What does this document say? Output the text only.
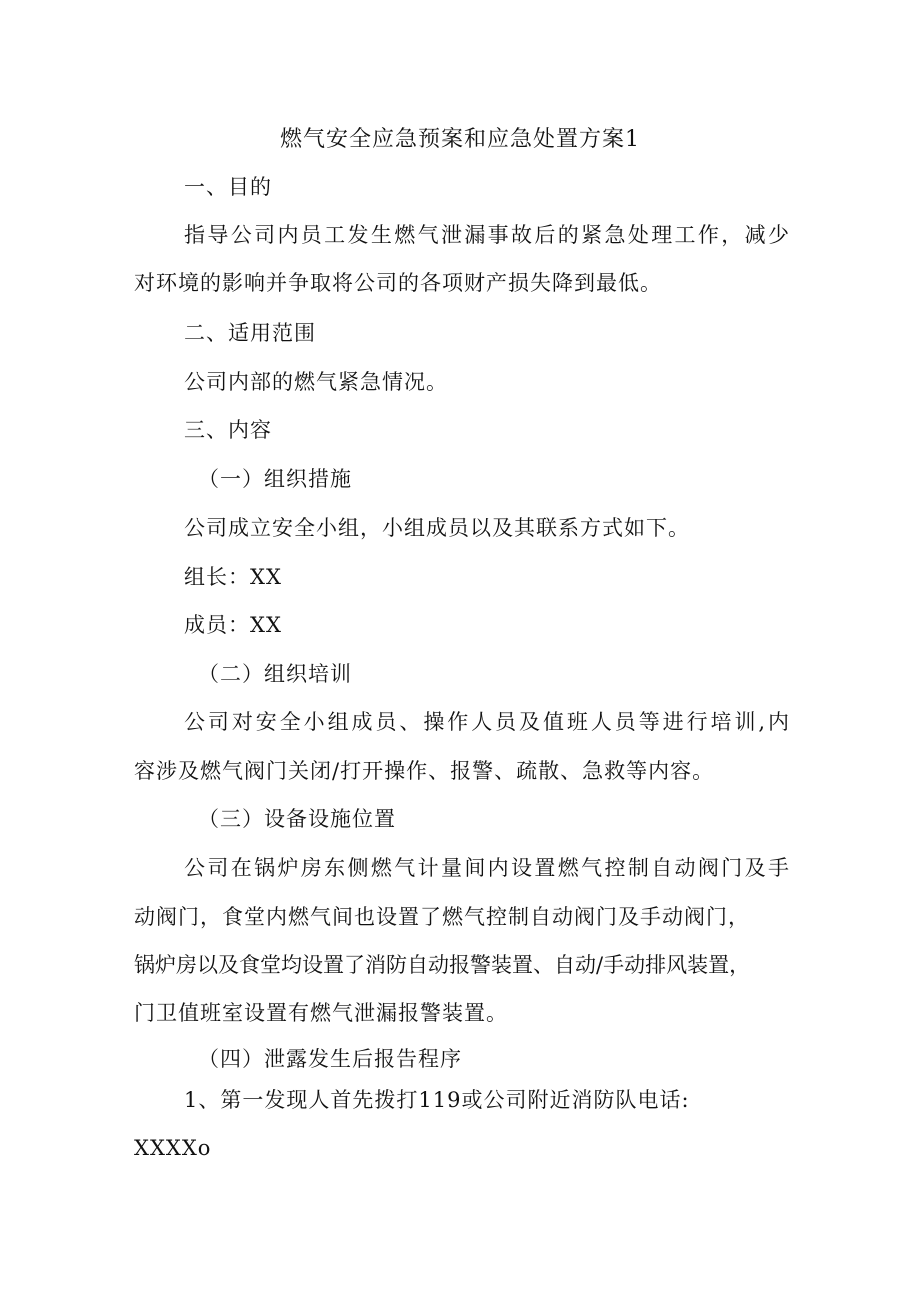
燃气安全应急预案和应急处置方案1
一、目的
指导公司内员工发生燃气泄漏事故后的紧急处理工作，减少
对环境的影响并争取将公司的各项财产损失降到最低。
二、适用范围
公司内部的燃气紧急情况。
三、内容
（一）组织措施
公司成立安全小组，小组成员以及其联系方式如下。
组长：XX
成员：XX
（二）组织培训
公司对安全小组成员、操作人员及值班人员等进行培训,内
容涉及燃气阀门关闭/打开操作、报警、疏散、急救等内容。
（三）设备设施位置
公司在锅炉房东侧燃气计量间内设置燃气控制自动阀门及手
动阀门，食堂内燃气间也设置了燃气控制自动阀门及手动阀门，
锅炉房以及食堂均设置了消防自动报警装置、自动/手动排风装置，
门卫值班室设置有燃气泄漏报警装置。
（四）泄露发生后报告程序
1、第一发现人首先拨打119或公司附近消防队电话:
XXXXo
